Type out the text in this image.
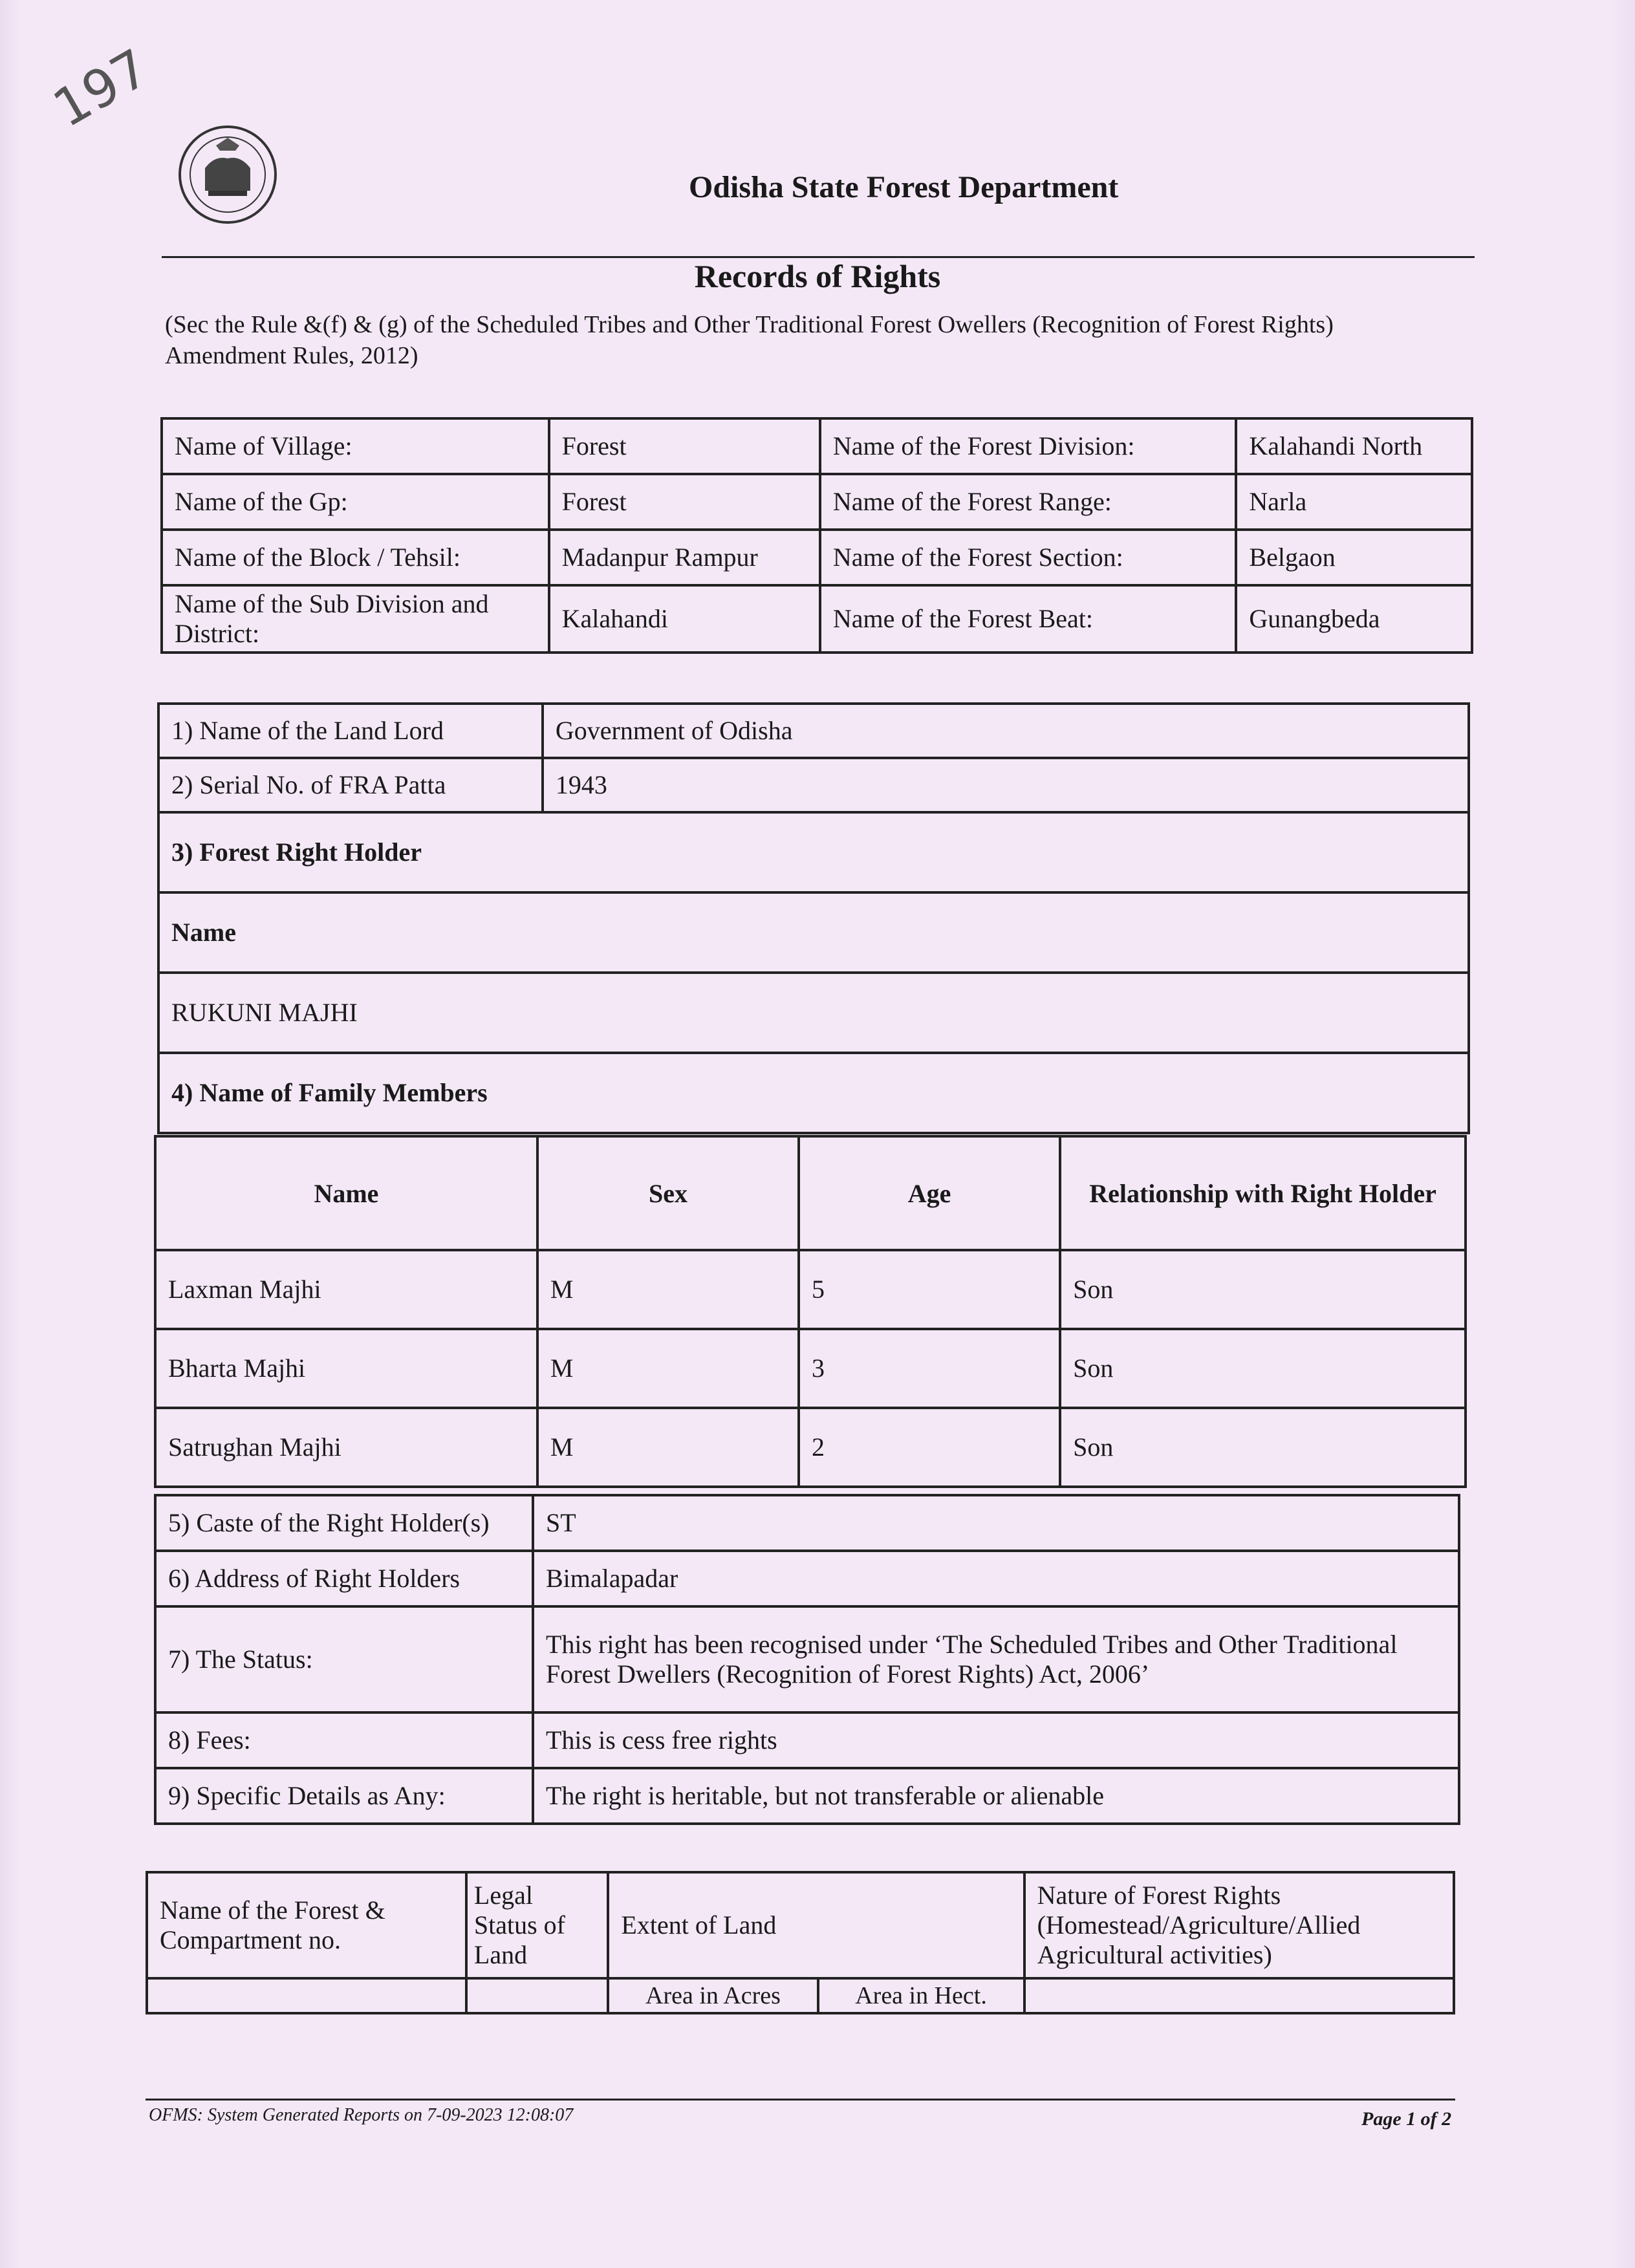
197
Odisha State Forest Department
Records of Rights
(Sec the Rule &(f) & (g) of the Scheduled Tribes and Other Traditional Forest Owellers (Recognition of Forest Rights) Amendment Rules, 2012)
Name of Village:	Forest	Name of the Forest Division:	Kalahandi North
Name of the Gp:	Forest	Name of the Forest Range:	Narla
Name of the Block / Tehsil:	Madanpur Rampur	Name of the Forest Section:	Belgaon
Name of the Sub Division and District:	Kalahandi	Name of the Forest Beat:	Gunangbeda
1) Name of the Land Lord	Government of Odisha
2) Serial No. of FRA Patta	1943
3) Forest Right Holder	
Name	
RUKUNI MAJHI	
4) Name of Family Members	
Name	Sex	Age	Relationship with Right Holder
Laxman Majhi	M	5	Son
Bharta Majhi	M	3	Son
Satrughan Majhi	M	2	Son
5) Caste of the Right Holder(s)	ST
6) Address of Right Holders	Bimalapadar
7) The Status:	This right has been recognised under ‘The Scheduled Tribes and Other Traditional
Forest Dwellers (Recognition of Forest Rights) Act, 2006’
8) Fees:	This is cess free rights
9) Specific Details as Any:	The right is heritable, but not transferable or alienable
Name of the Forest & Compartment no.	Legal Status of Land	Extent of Land		Nature of Forest Rights (Homestead/Agriculture/Allied Agricultural activities)
		Area in Acres	Area in Hect.	
OFMS: System Generated Reports on 7-09-2023 12:08:07	Page 1 of 2
